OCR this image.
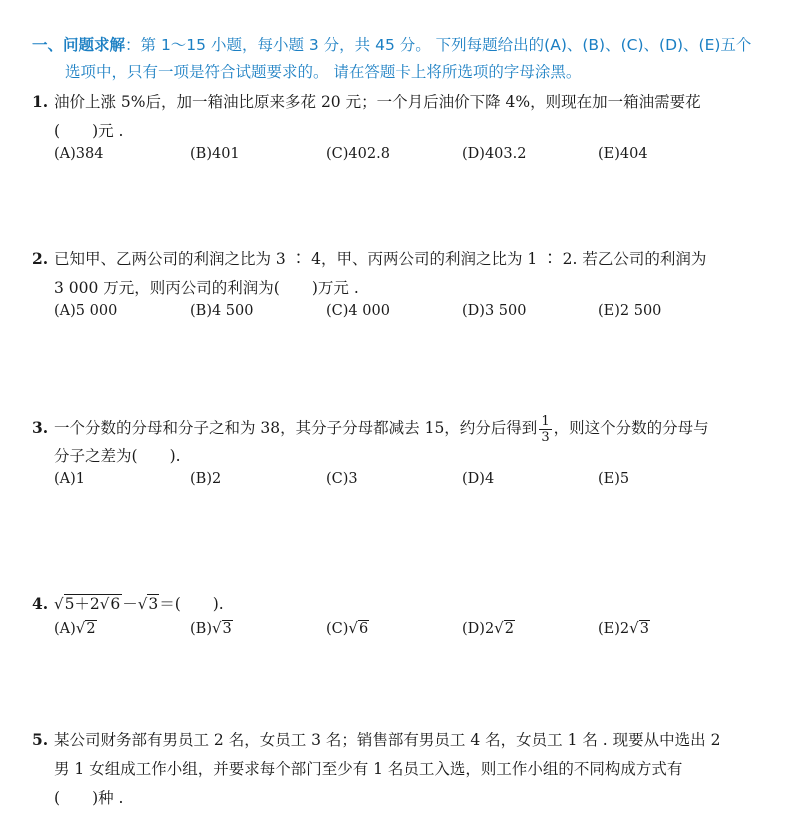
一、问题求解：第 1～15 小题，每小题 3 分，共 45 分。 下列每题给出的(A)、(B)、(C)、(D)、(E)五个
选项中，只有一项是符合试题要求的。 请在答题卡上将所选项的字母涂黑。
1. 油价上涨 5%后，加一箱油比原来多花 20 元；一个月后油价下降 4%，则现在加一箱油需要花
( )元 .
(A)384	(B)401	(C)402.8	(D)403.2	(E)404
2. 已知甲、乙两公司的利润之比为 3 ∶ 4，甲、丙两公司的利润之比为 1 ∶ 2. 若乙公司的利润为
3 000 万元，则丙公司的利润为( )万元 .
(A)5 000	(B)4 500	(C)4 000	(D)3 500	(E)2 500
3. 一个分数的分母和分子之和为 38，其分子分母都减去 15，约分后得到 $\frac{1}{3}$ ，则这个分数的分母与
分子之差为( ).
(A)1	(B)2	(C)3	(D)4	(E)5
4. √5＋2√6 －√3＝( ).
(A)√2	(B)√3	(C)√6	(D)2√2	(E)2√3
5. 某公司财务部有男员工 2 名，女员工 3 名；销售部有男员工 4 名，女员工 1 名 . 现要从中选出 2
男 1 女组成工作小组，并要求每个部门至少有 1 名员工入选，则工作小组的不同构成方式有
( )种 .
